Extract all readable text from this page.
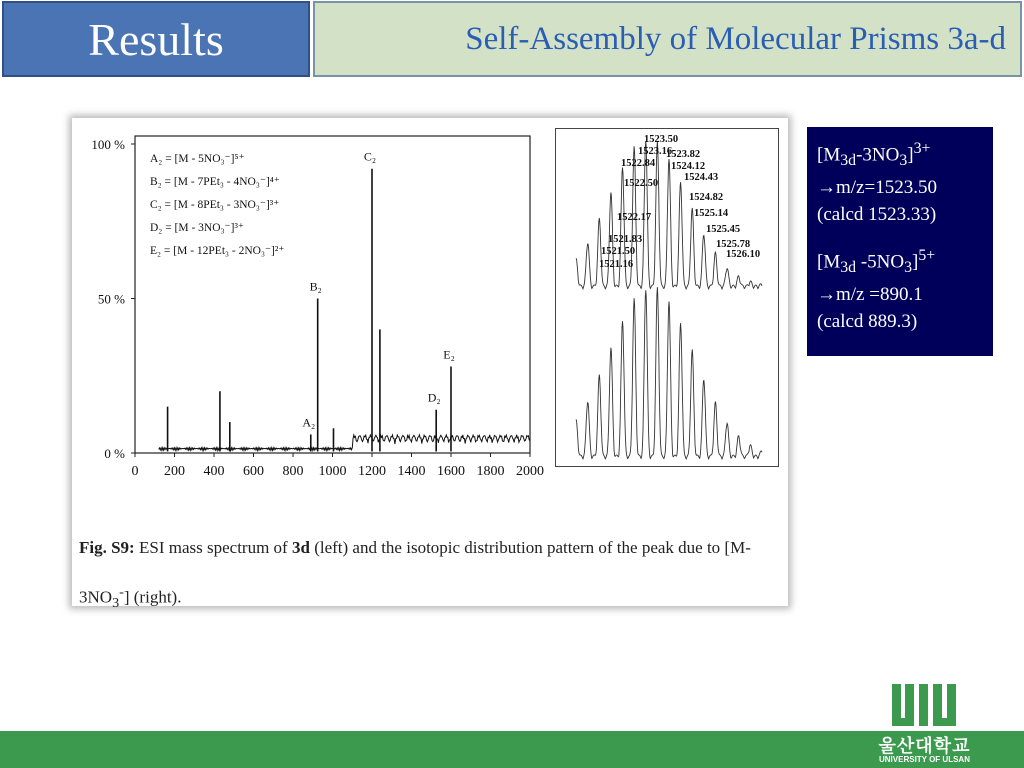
Results	Self-Assembly of Molecular Prisms 3a-d
0 200 400 600 800 1000 1200 1400 1600 1800 2000
0 %
50 %
100 %
A₂ = [M - 5NO₃⁻]⁵⁺
B₂ = [M - 7PEt₃ - 4NO₃⁻]⁴⁺
C₂ = [M - 8PEt₃ - 3NO₃⁻]³⁺
D₂ = [M - 3NO₃⁻]³⁺
E₂ = [M - 12PEt₃ - 2NO₃⁻]²⁺
A₂
B₂
C₂
D₂
E₂
1523.50
1523.16
1523.82
1522.84 1524.12
1522.50
1524.43
1524.82
1522.17	1525.14
1525.45
1521.83	1525.78
1521.50	1526.10
1521.16
Fig. S9: ESI mass spectrum of 3d (left) and the isotopic distribution pattern of the peak due to $[M-3NO_3^-]$ (right).

$[M_{3d}-3NO_3]^{3+}$

→m/z=1523.50

(calcd 1523.33)

[$M_{3d}$ $-5NO_3]^{5+}$

→m/z =890.1

(calcd 889.3)

울산대학교
UNIVERSITY OF ULSAN
